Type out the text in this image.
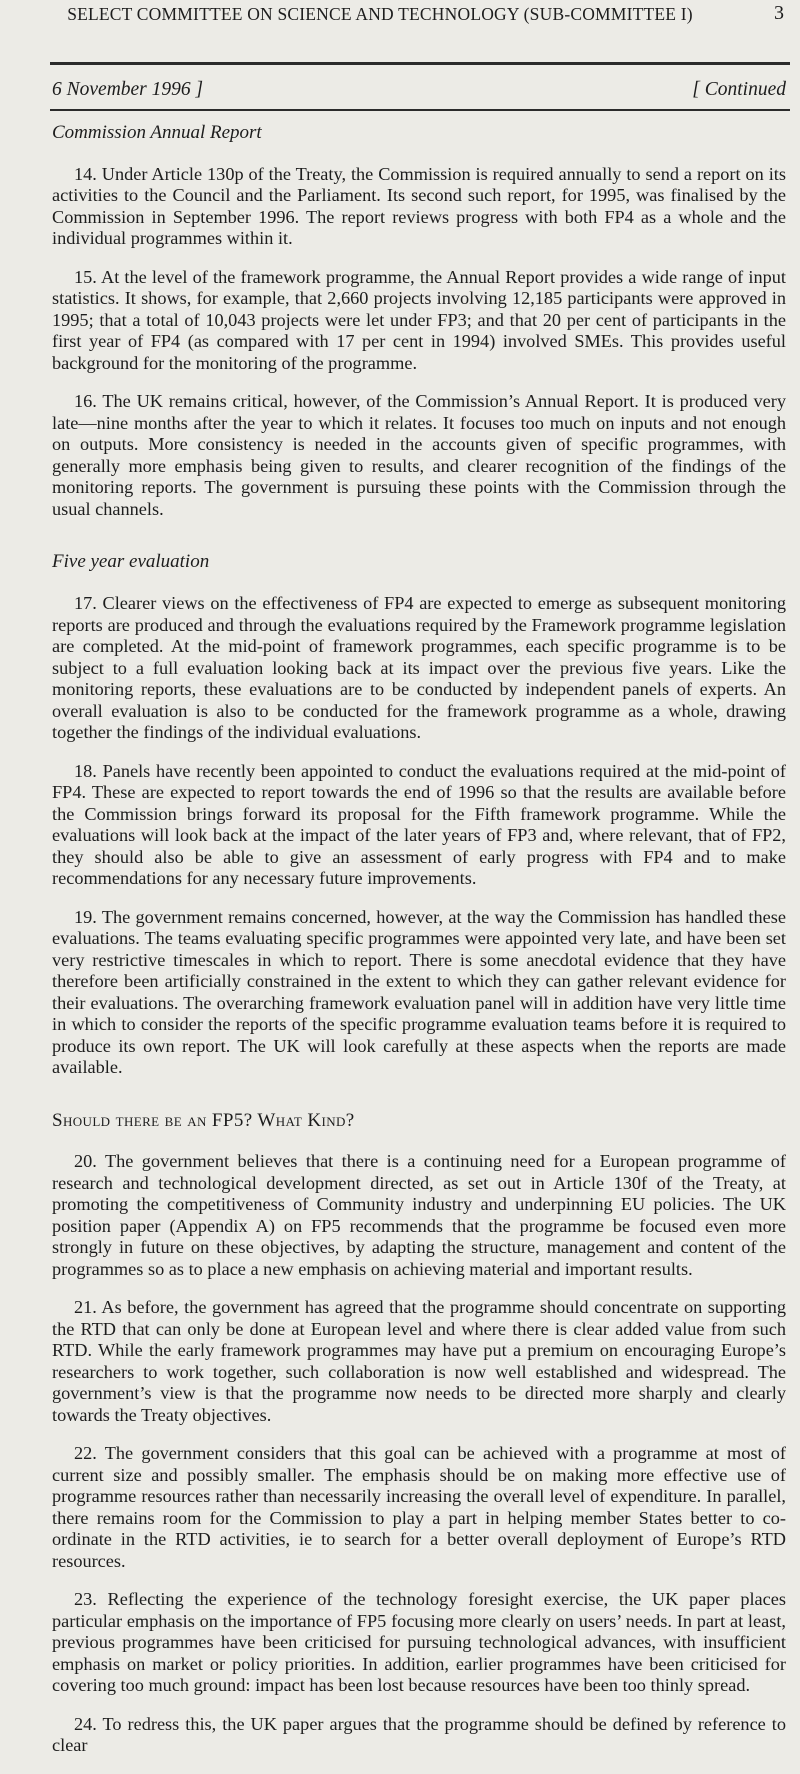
SELECT COMMITTEE ON SCIENCE AND TECHNOLOGY (SUB-COMMITTEE I)	3
6 November 1996 ]	[ Continued
Commission Annual Report

14. Under Article 130p of the Treaty, the Commission is required annually to send a report on its activities to the Council and the Parliament. Its second such report, for 1995, was finalised by the Commission in September 1996. The report reviews progress with both FP4 as a whole and the individual programmes within it.

15. At the level of the framework programme, the Annual Report provides a wide range of input statistics. It shows, for example, that 2,660 projects involving 12,185 participants were approved in 1995; that a total of 10,043 projects were let under FP3; and that 20 per cent of participants in the first year of FP4 (as compared with 17 per cent in 1994) involved SMEs. This provides useful background for the monitoring of the programme.

16. The UK remains critical, however, of the Commission’s Annual Report. It is produced very late—nine months after the year to which it relates. It focuses too much on inputs and not enough on outputs. More consistency is needed in the accounts given of specific programmes, with generally more emphasis being given to results, and clearer recognition of the findings of the monitoring reports. The government is pursuing these points with the Commission through the usual channels.

Five year evaluation

17. Clearer views on the effectiveness of FP4 are expected to emerge as subsequent monitoring reports are produced and through the evaluations required by the Framework programme legislation are completed. At the mid-point of framework programmes, each specific programme is to be subject to a full evaluation looking back at its impact over the previous five years. Like the monitoring reports, these evaluations are to be conducted by independent panels of experts. An overall evaluation is also to be conducted for the framework programme as a whole, drawing together the findings of the individual evaluations.

18. Panels have recently been appointed to conduct the evaluations required at the mid-point of FP4. These are expected to report towards the end of 1996 so that the results are available before the Commission brings forward its proposal for the Fifth framework programme. While the evaluations will look back at the impact of the later years of FP3 and, where relevant, that of FP2, they should also be able to give an assessment of early progress with FP4 and to make recommendations for any necessary future improvements.

19. The government remains concerned, however, at the way the Commission has handled these evaluations. The teams evaluating specific programmes were appointed very late, and have been set very restrictive timescales in which to report. There is some anecdotal evidence that they have therefore been artificially constrained in the extent to which they can gather relevant evidence for their evaluations. The overarching framework evaluation panel will in addition have very little time in which to consider the reports of the specific programme evaluation teams before it is required to produce its own report. The UK will look carefully at these aspects when the reports are made available.

Should there be an FP5? What Kind?

20. The government believes that there is a continuing need for a European programme of research and technological development directed, as set out in Article 130f of the Treaty, at promoting the competitiveness of Community industry and underpinning EU policies. The UK position paper (Appendix A) on FP5 recommends that the programme be focused even more strongly in future on these objectives, by adapting the structure, management and content of the programmes so as to place a new emphasis on achieving material and important results.

21. As before, the government has agreed that the programme should concentrate on supporting the RTD that can only be done at European level and where there is clear added value from such RTD. While the early framework programmes may have put a premium on encouraging Europe’s researchers to work together, such collaboration is now well established and widespread. The government’s view is that the programme now needs to be directed more sharply and clearly towards the Treaty objectives.

22. The government considers that this goal can be achieved with a programme at most of current size and possibly smaller. The emphasis should be on making more effective use of programme resources rather than necessarily increasing the overall level of expenditure. In parallel, there remains room for the Commission to play a part in helping member States better to co-ordinate in the RTD activities, ie to search for a better overall deployment of Europe’s RTD resources.

23. Reflecting the experience of the technology foresight exercise, the UK paper places particular emphasis on the importance of FP5 focusing more clearly on users’ needs. In part at least, previous programmes have been criticised for pursuing technological advances, with insufficient emphasis on market or policy priorities. In addition, earlier programmes have been criticised for covering too much ground: impact has been lost because resources have been too thinly spread.

24. To redress this, the UK paper argues that the programme should be defined by reference to clear
